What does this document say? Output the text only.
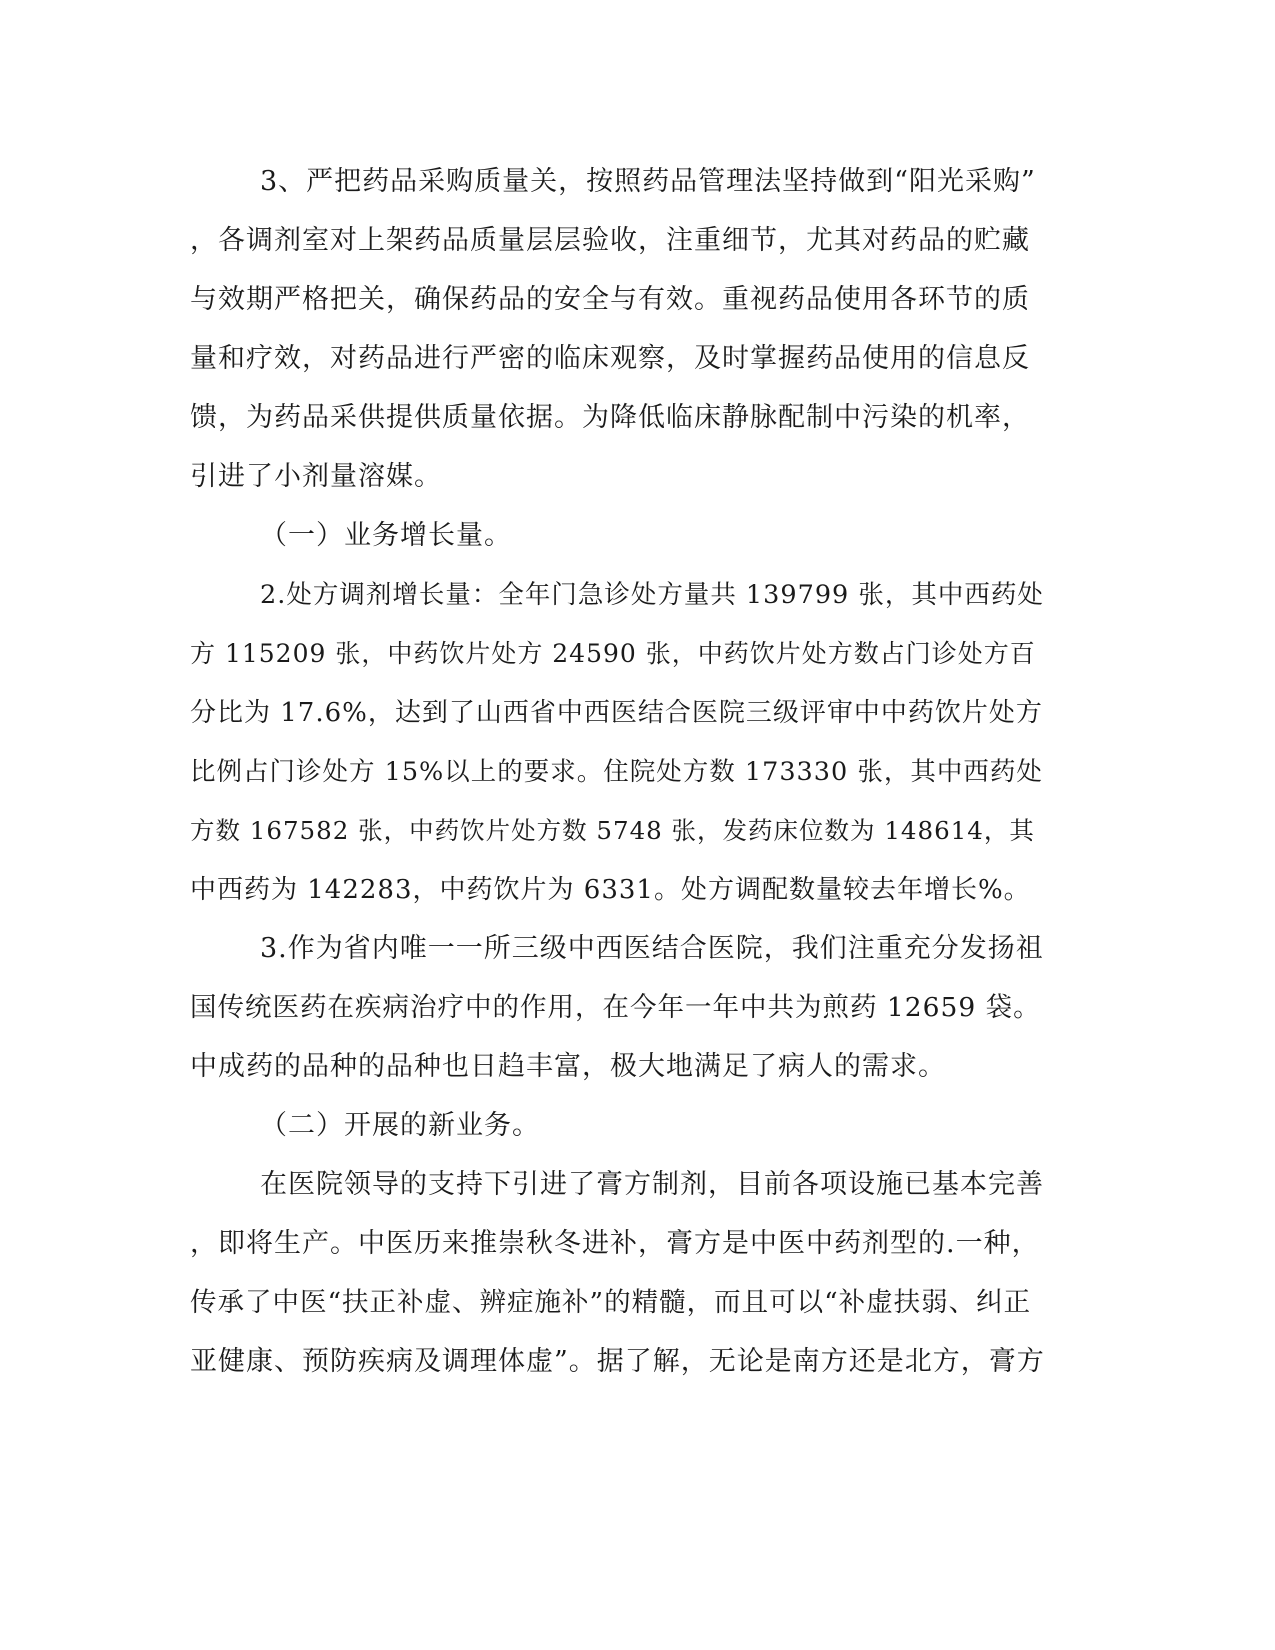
3、严把药品采购质量关，按照药品管理法坚持做到“阳光采购”
，各调剂室对上架药品质量层层验收，注重细节，尤其对药品的贮藏
与效期严格把关，确保药品的安全与有效。重视药品使用各环节的质
量和疗效，对药品进行严密的临床观察，及时掌握药品使用的信息反
馈，为药品采供提供质量依据。为降低临床静脉配制中污染的机率，
引进了小剂量溶媒。
（一）业务增长量。
2.处方调剂增长量：全年门急诊处方量共 139799 张，其中西药处
方 115209 张，中药饮片处方 24590 张，中药饮片处方数占门诊处方百
分比为 17.6%，达到了山西省中西医结合医院三级评审中中药饮片处方
比例占门诊处方 15%以上的要求。住院处方数 173330 张，其中西药处
方数 167582 张，中药饮片处方数 5748 张，发药床位数为 148614，其
中西药为 142283，中药饮片为 6331。处方调配数量较去年增长%。
3.作为省内唯一一所三级中西医结合医院，我们注重充分发扬祖
国传统医药在疾病治疗中的作用，在今年一年中共为煎药 12659 袋。
中成药的品种的品种也日趋丰富，极大地满足了病人的需求。
（二）开展的新业务。
在医院领导的支持下引进了膏方制剂，目前各项设施已基本完善
，即将生产。中医历来推崇秋冬进补，膏方是中医中药剂型的.一种，
传承了中医“扶正补虚、辨症施补”的精髓，而且可以“补虚扶弱、纠正
亚健康、预防疾病及调理体虚”。据了解，无论是南方还是北方，膏方
